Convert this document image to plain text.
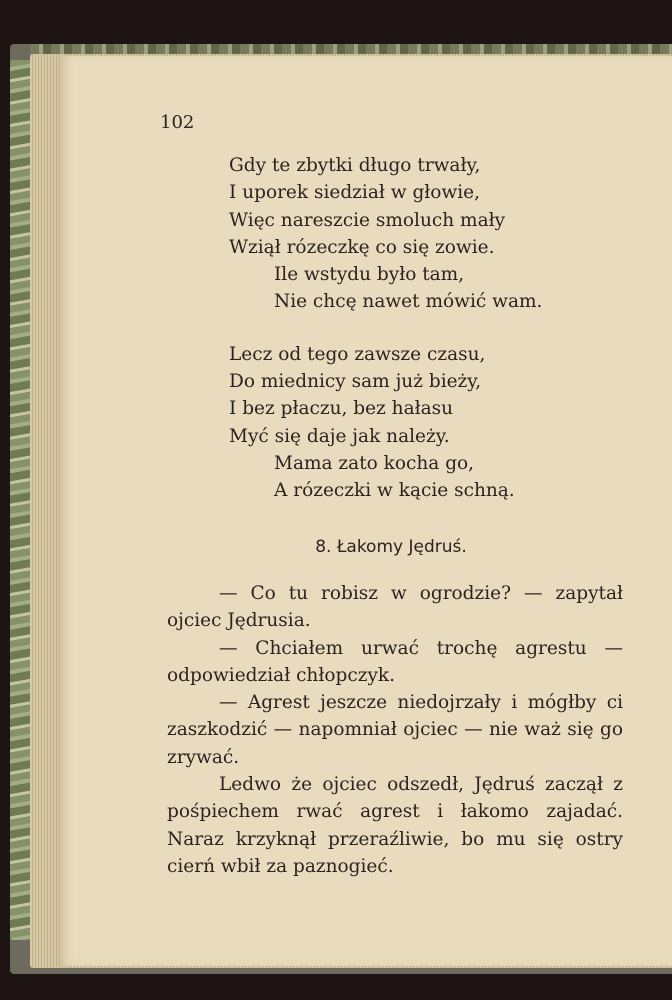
102
Gdy te zbytki długo trwały,
I uporek siedział w głowie,
Więc nareszcie smoluch mały
Wziął rózeczkę co się zowie.
Ile wstydu było tam,
Nie chcę nawet mówić wam.
Lecz od tego zawsze czasu,
Do miednicy sam już bieży,
I bez płaczu, bez hałasu
Myć się daje jak należy.
Mama zato kocha go,
A rózeczki w kącie schną.
8. Łakomy Jędruś.
— Co tu robisz w ogrodzie? — zapytał ojciec Jędrusia.
— Chciałem urwać trochę agrestu — odpowiedział chłopczyk.
— Agrest jeszcze niedojrzały i mógłby ci zaszkodzić — napomniał ojciec — nie waż się go zrywać.
Ledwo że ojciec odszedł, Jędruś zaczął z pośpiechem rwać agrest i łakomo zajadać. Naraz krzyknął przeraźliwie, bo mu się ostry cierń wbił za paznogieć.
